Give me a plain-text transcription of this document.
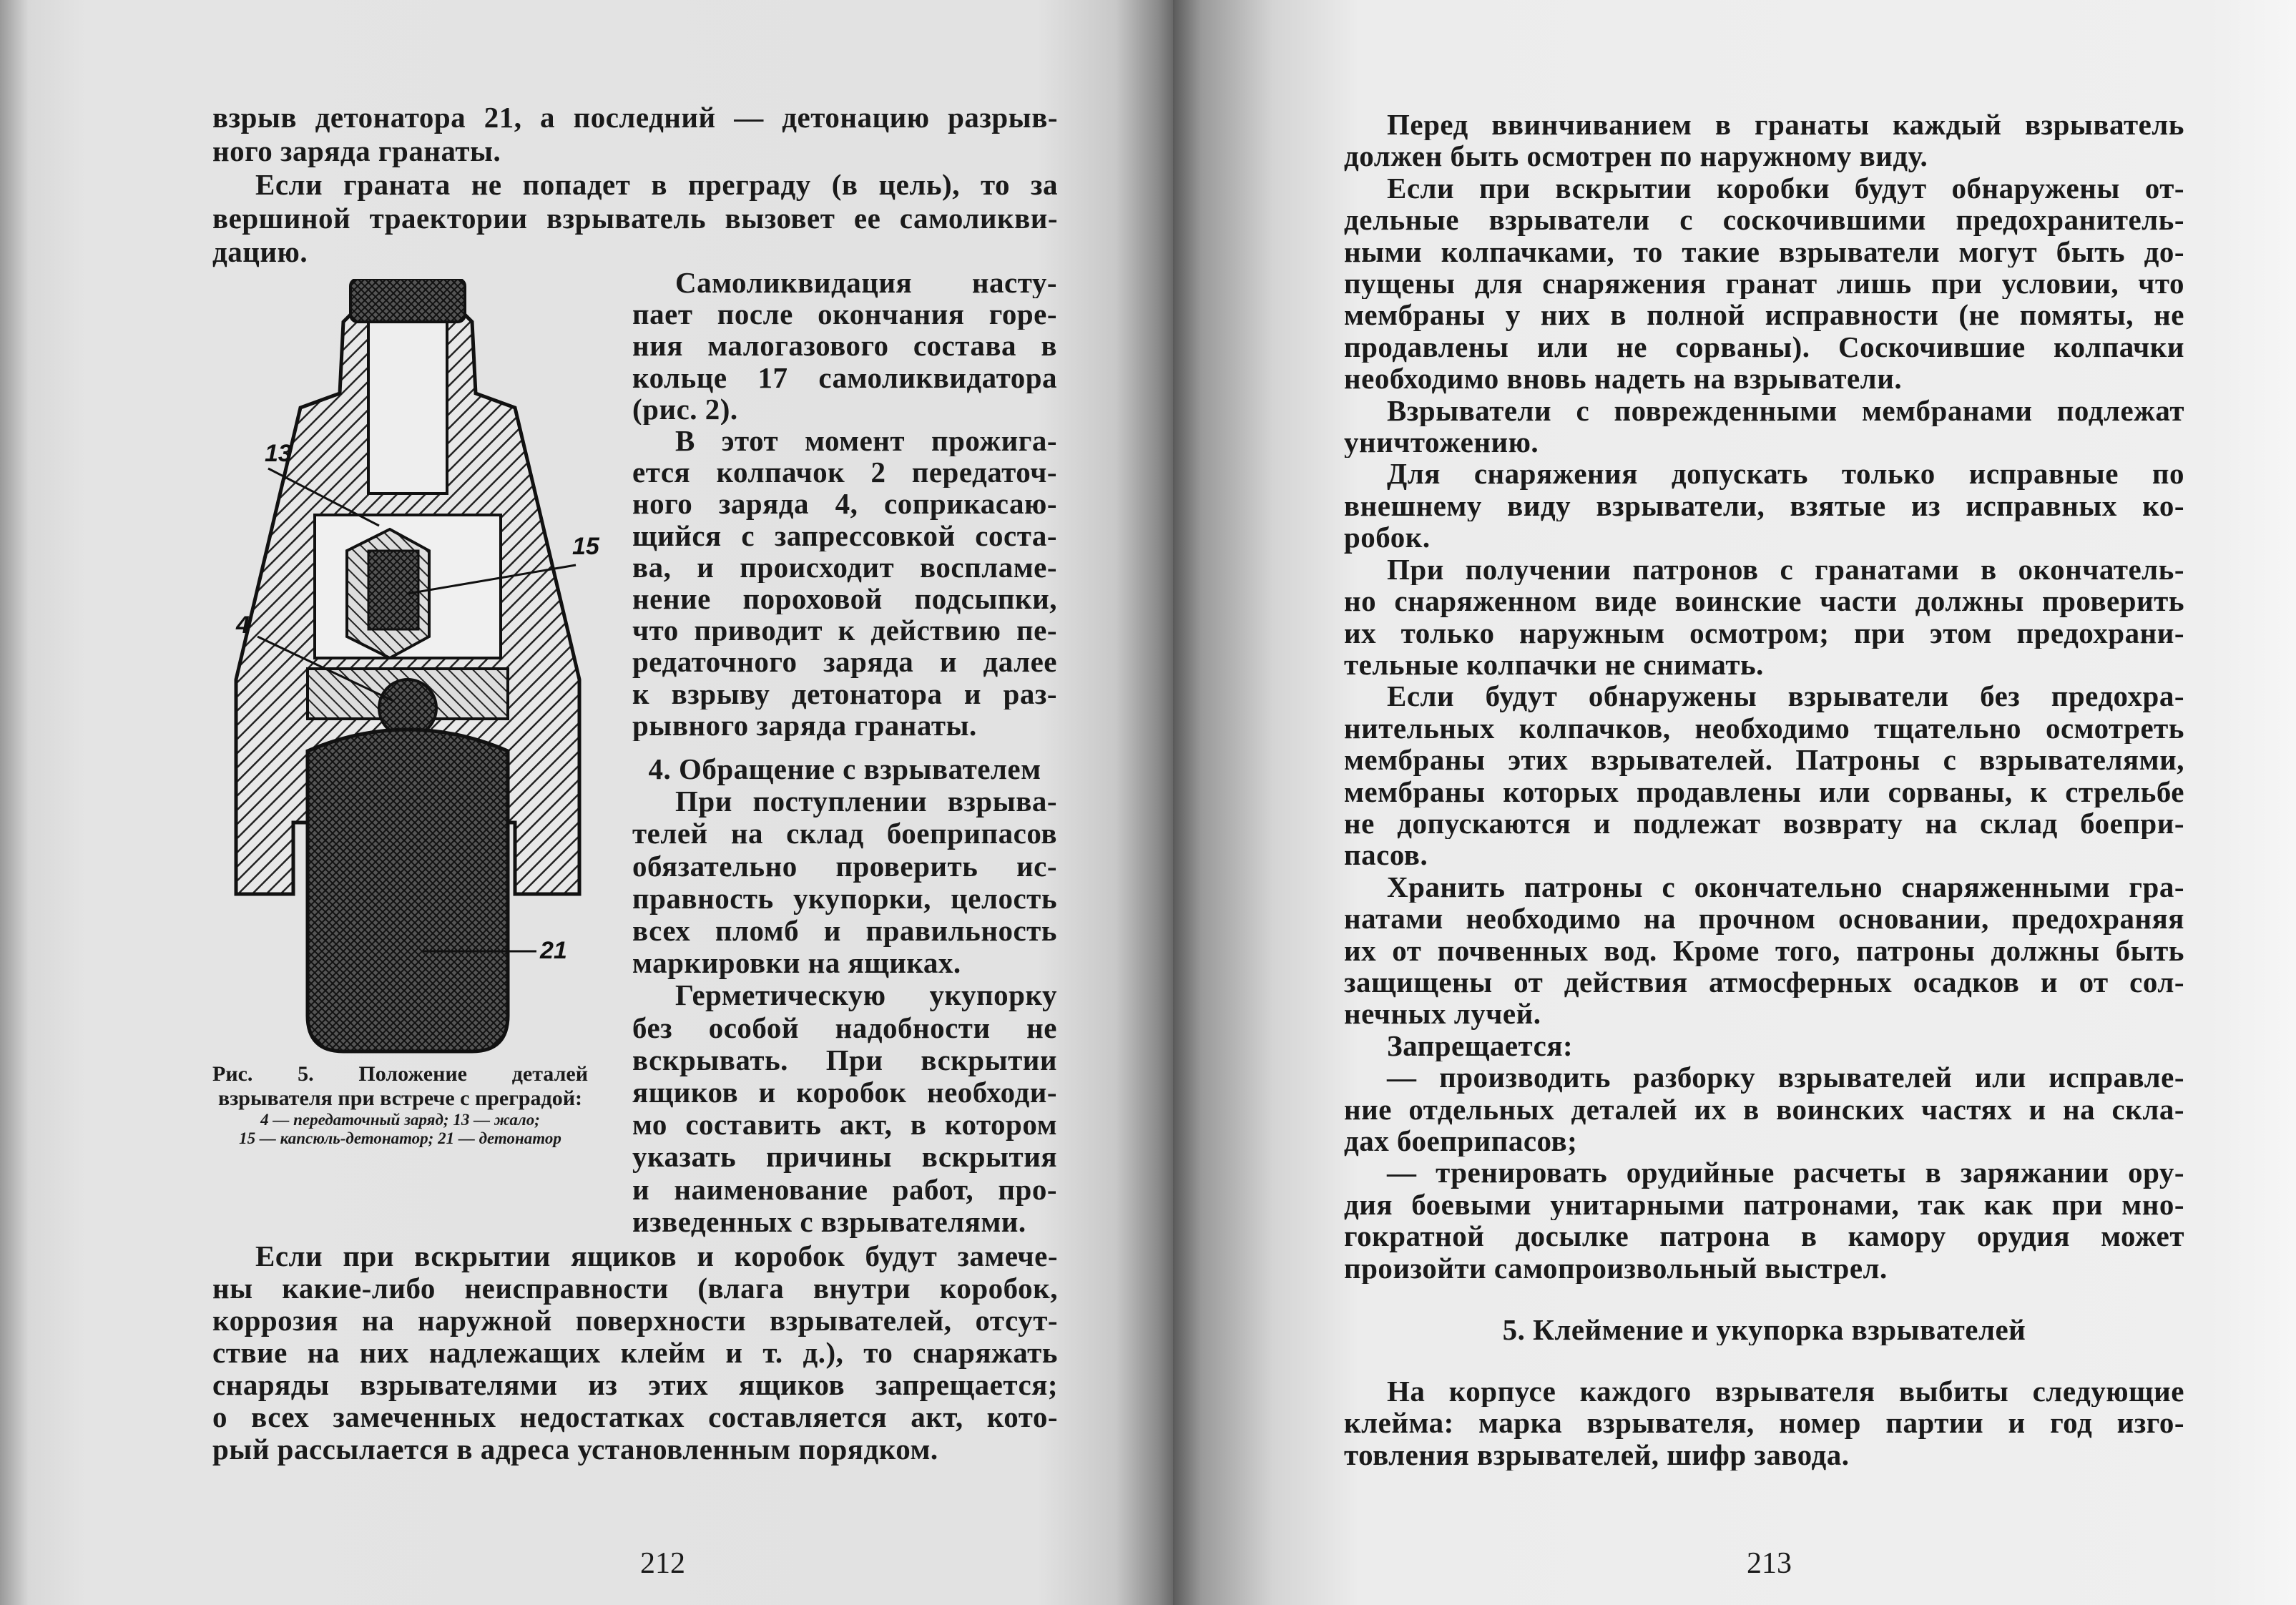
взрыв детонатора 21, а последний — детонацию разрыв-
ного заряда гранаты.
Если граната не попадет в преграду (в цель), то за
вершиной траектории взрыватель вызовет ее самоликви-
дацию.
Самоликвидация насту-
пает после окончания горе-
ния малогазового состава в
кольце 17 самоликвидатора
(рис. 2).
В этот момент прожига-
ется колпачок 2 передаточ-
ного заряда 4, соприкасаю-
щийся с запрессовкой соста-
ва, и происходит воспламе-
нение пороховой подсыпки,
что приводит к действию пе-
редаточного заряда и далее
к взрыву детонатора и раз-
рывного заряда гранаты.
4. Обращение с взрывателем
При поступлении взрыва-
телей на склад боеприпасов
обязательно проверить ис-
правность укупорки, целость
всех пломб и правильность
маркировки на ящиках.
Герметическую укупорку
без особой надобности не
вскрывать. При вскрытии
ящиков и коробок необходи-
мо составить акт, в котором
указать причины вскрытия
и наименование работ, про-
изведенных с взрывателями.
13
15
4
21
Рис. 5. Положение деталей взрывателя при встрече с преградой:
4 — передаточный заряд; 13 — жало;
15 — капсюль-детонатор; 21 — детонатор
Если при вскрытии ящиков и коробок будут замече-
ны какие-либо неисправности (влага внутри коробок,
коррозия на наружной поверхности взрывателей, отсут-
ствие на них надлежащих клейм и т. д.), то снаряжать
снаряды взрывателями из этих ящиков запрещается;
о всех замеченных недостатках составляется акт, кото-
рый рассылается в адреса установленным порядком.
212
Перед ввинчиванием в гранаты каждый взрыватель
должен быть осмотрен по наружному виду.
Если при вскрытии коробки будут обнаружены от-
дельные взрыватели с соскочившими предохранитель-
ными колпачками, то такие взрыватели могут быть до-
пущены для снаряжения гранат лишь при условии, что
мембраны у них в полной исправности (не помяты, не
продавлены или не сорваны). Соскочившие колпачки
необходимо вновь надеть на взрыватели.
Взрыватели с поврежденными мембранами подлежат
уничтожению.
Для снаряжения допускать только исправные по
внешнему виду взрыватели, взятые из исправных ко-
робок.
При получении патронов с гранатами в окончатель-
но снаряженном виде воинские части должны проверить
их только наружным осмотром; при этом предохрани-
тельные колпачки не снимать.
Если будут обнаружены взрыватели без предохра-
нительных колпачков, необходимо тщательно осмотреть
мембраны этих взрывателей. Патроны с взрывателями,
мембраны которых продавлены или сорваны, к стрельбе
не допускаются и подлежат возврату на склад боепри-
пасов.
Хранить патроны с окончательно снаряженными гра-
натами необходимо на прочном основании, предохраняя
их от почвенных вод. Кроме того, патроны должны быть
защищены от действия атмосферных осадков и от сол-
нечных лучей.
Запрещается:
— производить разборку взрывателей или исправле-
ние отдельных деталей их в воинских частях и на скла-
дах боеприпасов;
— тренировать орудийные расчеты в заряжании ору-
дия боевыми унитарными патронами, так как при мно-
гократной досылке патрона в камору орудия может
произойти самопроизвольный выстрел.
5. Клеймение и укупорка взрывателей
На корпусе каждого взрывателя выбиты следующие
клейма: марка взрывателя, номер партии и год изго-
товления взрывателей, шифр завода.
213
